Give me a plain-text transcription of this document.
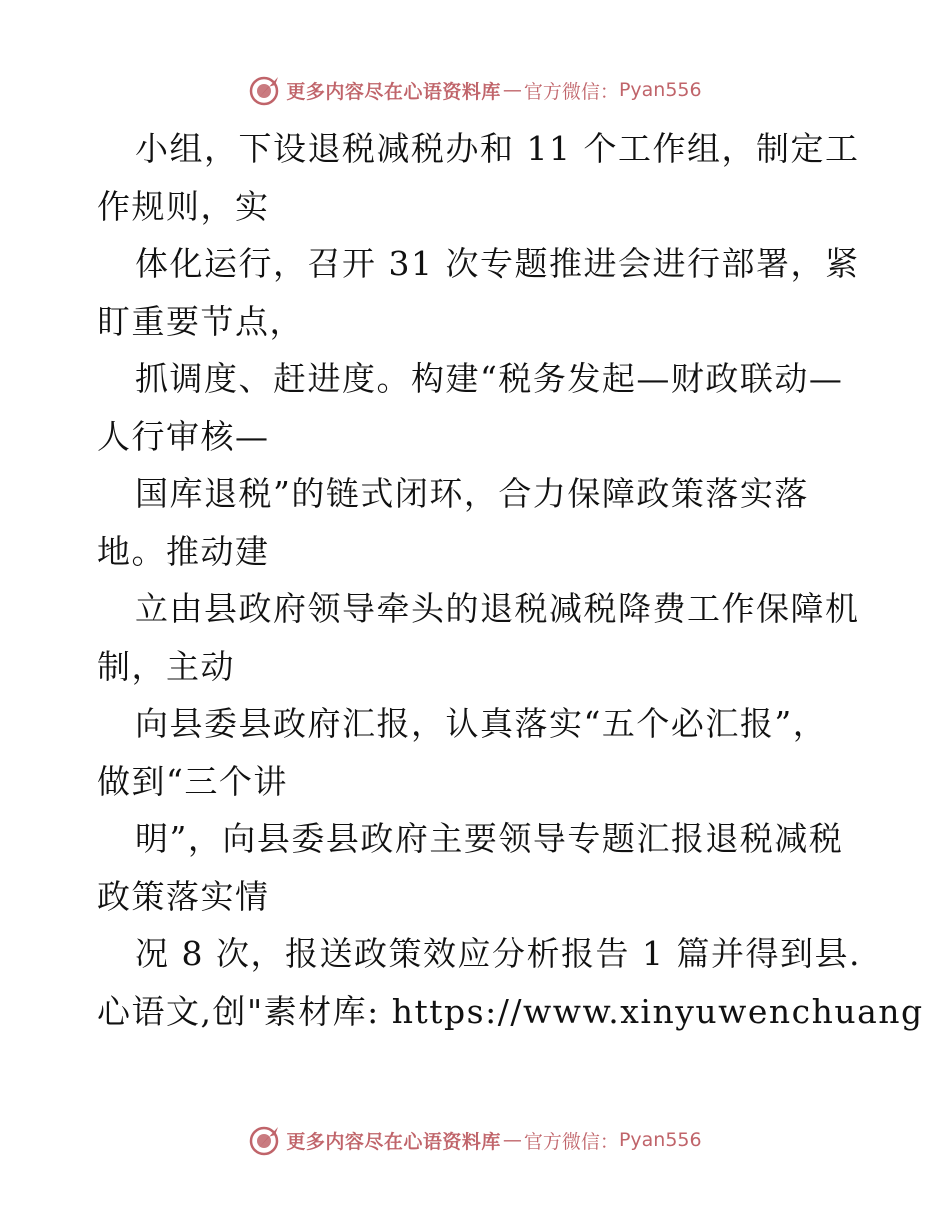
更多内容尽在心语资料库 — 官方微信： Pyan556
小组，下设退税减税办和 11 个工作组，制定工
作规则，实
体化运行，召开 31 次专题推进会进行部署，紧
盯重要节点，
抓调度、赶进度。构建“税务发起—财政联动—
人行审核—
国库退税”的链式闭环，合力保障政策落实落
地。推动建
立由县政府领导牵头的退税减税降费工作保障机
制，主动
向县委县政府汇报，认真落实“五个必汇报”，
做到“三个讲
明”，向县委县政府主要领导专题汇报退税减税
政策落实情
况 8 次，报送政策效应分析报告 1 篇并得到县.
心语文,创"素材库: https://www.xinyuwenchuang
更多内容尽在心语资料库 — 官方微信： Pyan556
